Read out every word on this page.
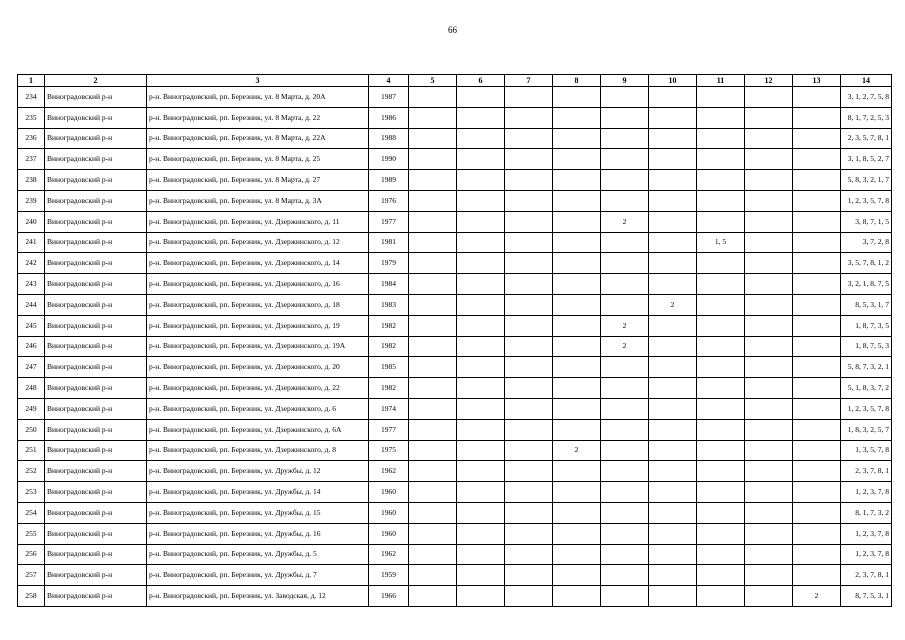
66
1	2	3	4	5	6	7	8	9	10	11	12	13	14
234	Виноградовский р-н	р-н. Виноградовский, рп. Березник, ул. 8 Марта, д. 20А	1987										3, 1, 2, 7, 5, 8
235	Виноградовский р-н	р-н. Виноградовский, рп. Березник, ул. 8 Марта, д. 22	1986										8, 1, 7, 2, 5, 3
236	Виноградовский р-н	р-н. Виноградовский, рп. Березник, ул. 8 Марта, д. 22А	1988										2, 3, 5, 7, 8, 1
237	Виноградовский р-н	р-н. Виноградовский, рп. Березник, ул. 8 Марта, д. 25	1990										3, 1, 8, 5, 2, 7
238	Виноградовский р-н	р-н. Виноградовский, рп. Березник, ул. 8 Марта, д. 27	1989										5, 8, 3, 2, 1, 7
239	Виноградовский р-н	р-н. Виноградовский, рп. Березник, ул. 8 Марта, д. 3А	1976										1, 2, 3, 5, 7, 8
240	Виноградовский р-н	р-н. Виноградовский, рп. Березник, ул. Дзержинского, д. 11	1977					2					3, 8, 7, 1, 5
241	Виноградовский р-н	р-н. Виноградовский, рп. Березник, ул. Дзержинского, д. 12	1981							1, 5			3, 7, 2, 8
242	Виноградовский р-н	р-н. Виноградовский, рп. Березник, ул. Дзержинского, д. 14	1979										3, 5, 7, 8, 1, 2
243	Виноградовский р-н	р-н. Виноградовский, рп. Березник, ул. Дзержинского, д. 16	1984										3, 2, 1, 8, 7, 5
244	Виноградовский р-н	р-н. Виноградовский, рп. Березник, ул. Дзержинского, д. 18	1983						2				8, 5, 3, 1, 7
245	Виноградовский р-н	р-н. Виноградовский, рп. Березник, ул. Дзержинского, д. 19	1982					2					1, 8, 7, 3, 5
246	Виноградовский р-н	р-н. Виноградовский, рп. Березник, ул. Дзержинского, д. 19А	1982					2					1, 8, 7, 5, 3
247	Виноградовский р-н	р-н. Виноградовский, рп. Березник, ул. Дзержинского, д. 20	1985										5, 8, 7, 3, 2, 1
248	Виноградовский р-н	р-н. Виноградовский, рп. Березник, ул. Дзержинского, д. 22	1982										5, 1, 8, 3, 7, 2
249	Виноградовский р-н	р-н. Виноградовский, рп. Березник, ул. Дзержинского, д. 6	1974										1, 2, 3, 5, 7, 8
250	Виноградовский р-н	р-н. Виноградовский, рп. Березник, ул. Дзержинского, д. 6А	1977										1, 8, 3, 2, 5, 7
251	Виноградовский р-н	р-н. Виноградовский, рп. Березник, ул. Дзержинского, д. 8	1975				2						1, 3, 5, 7, 8
252	Виноградовский р-н	р-н. Виноградовский, рп. Березник, ул. Дружбы, д. 12	1962										2, 3, 7, 8, 1
253	Виноградовский р-н	р-н. Виноградовский, рп. Березник, ул. Дружбы, д. 14	1960										1, 2, 3, 7, 8
254	Виноградовский р-н	р-н. Виноградовский, рп. Березник, ул. Дружбы, д. 15	1960										8, 1, 7, 3, 2
255	Виноградовский р-н	р-н. Виноградовский, рп. Березник, ул. Дружбы, д. 16	1960										1, 2, 3, 7, 8
256	Виноградовский р-н	р-н. Виноградовский, рп. Березник, ул. Дружбы, д. 5	1962										1, 2, 3, 7, 8
257	Виноградовский р-н	р-н. Виноградовский, рп. Березник, ул. Дружбы, д. 7	1959										2, 3, 7, 8, 1
258	Виноградовский р-н	р-н. Виноградовский, рп. Березник, ул. Заводская, д. 12	1966									2	8, 7, 5, 3, 1
